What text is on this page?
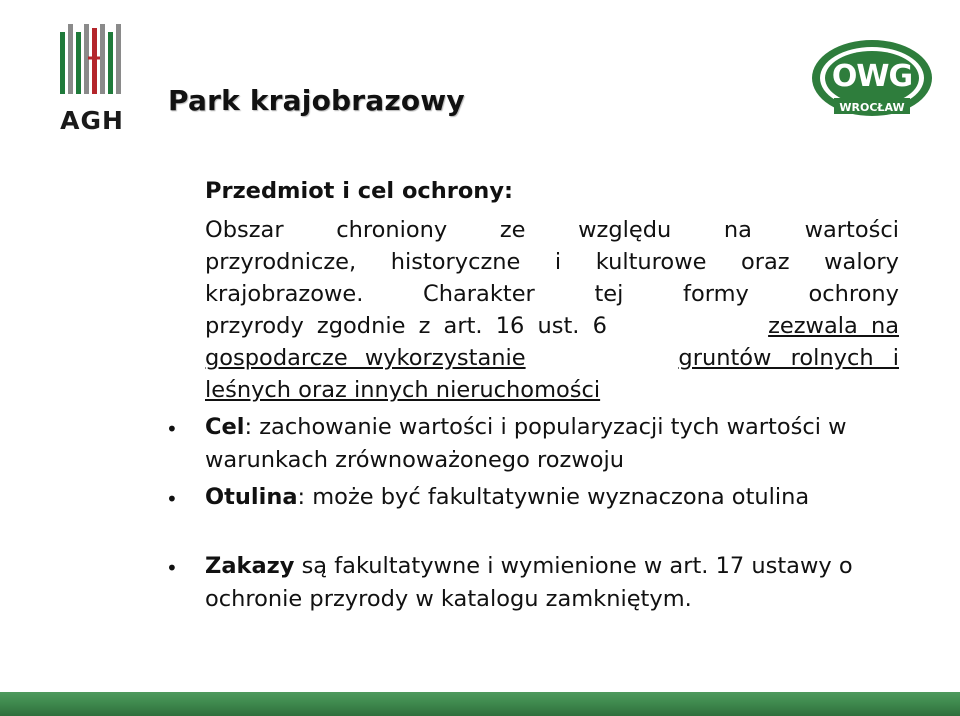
AGH
Park krajobrazowy
OWG
WROCŁAW
Przedmiot i cel ochrony:
Obszar chroniony ze względu na wartości
przyrodnicze, historyczne i kulturowe oraz walory
krajobrazowe.	Charakter	tej	formy	ochrony
przyrody zgodnie z art. 16 ust. 6	zezwala na
gospodarcze wykorzystanie	gruntów rolnych i
leśnych oraz innych nieruchomości
• Cel: zachowanie wartości i popularyzacji tych wartości w warunkach zrównoważonego rozwoju
• Otulina: może być fakultatywnie wyznaczona otulina
• Zakazy są fakultatywne i wymienione w art. 17 ustawy o ochronie przyrody w katalogu zamkniętym.
